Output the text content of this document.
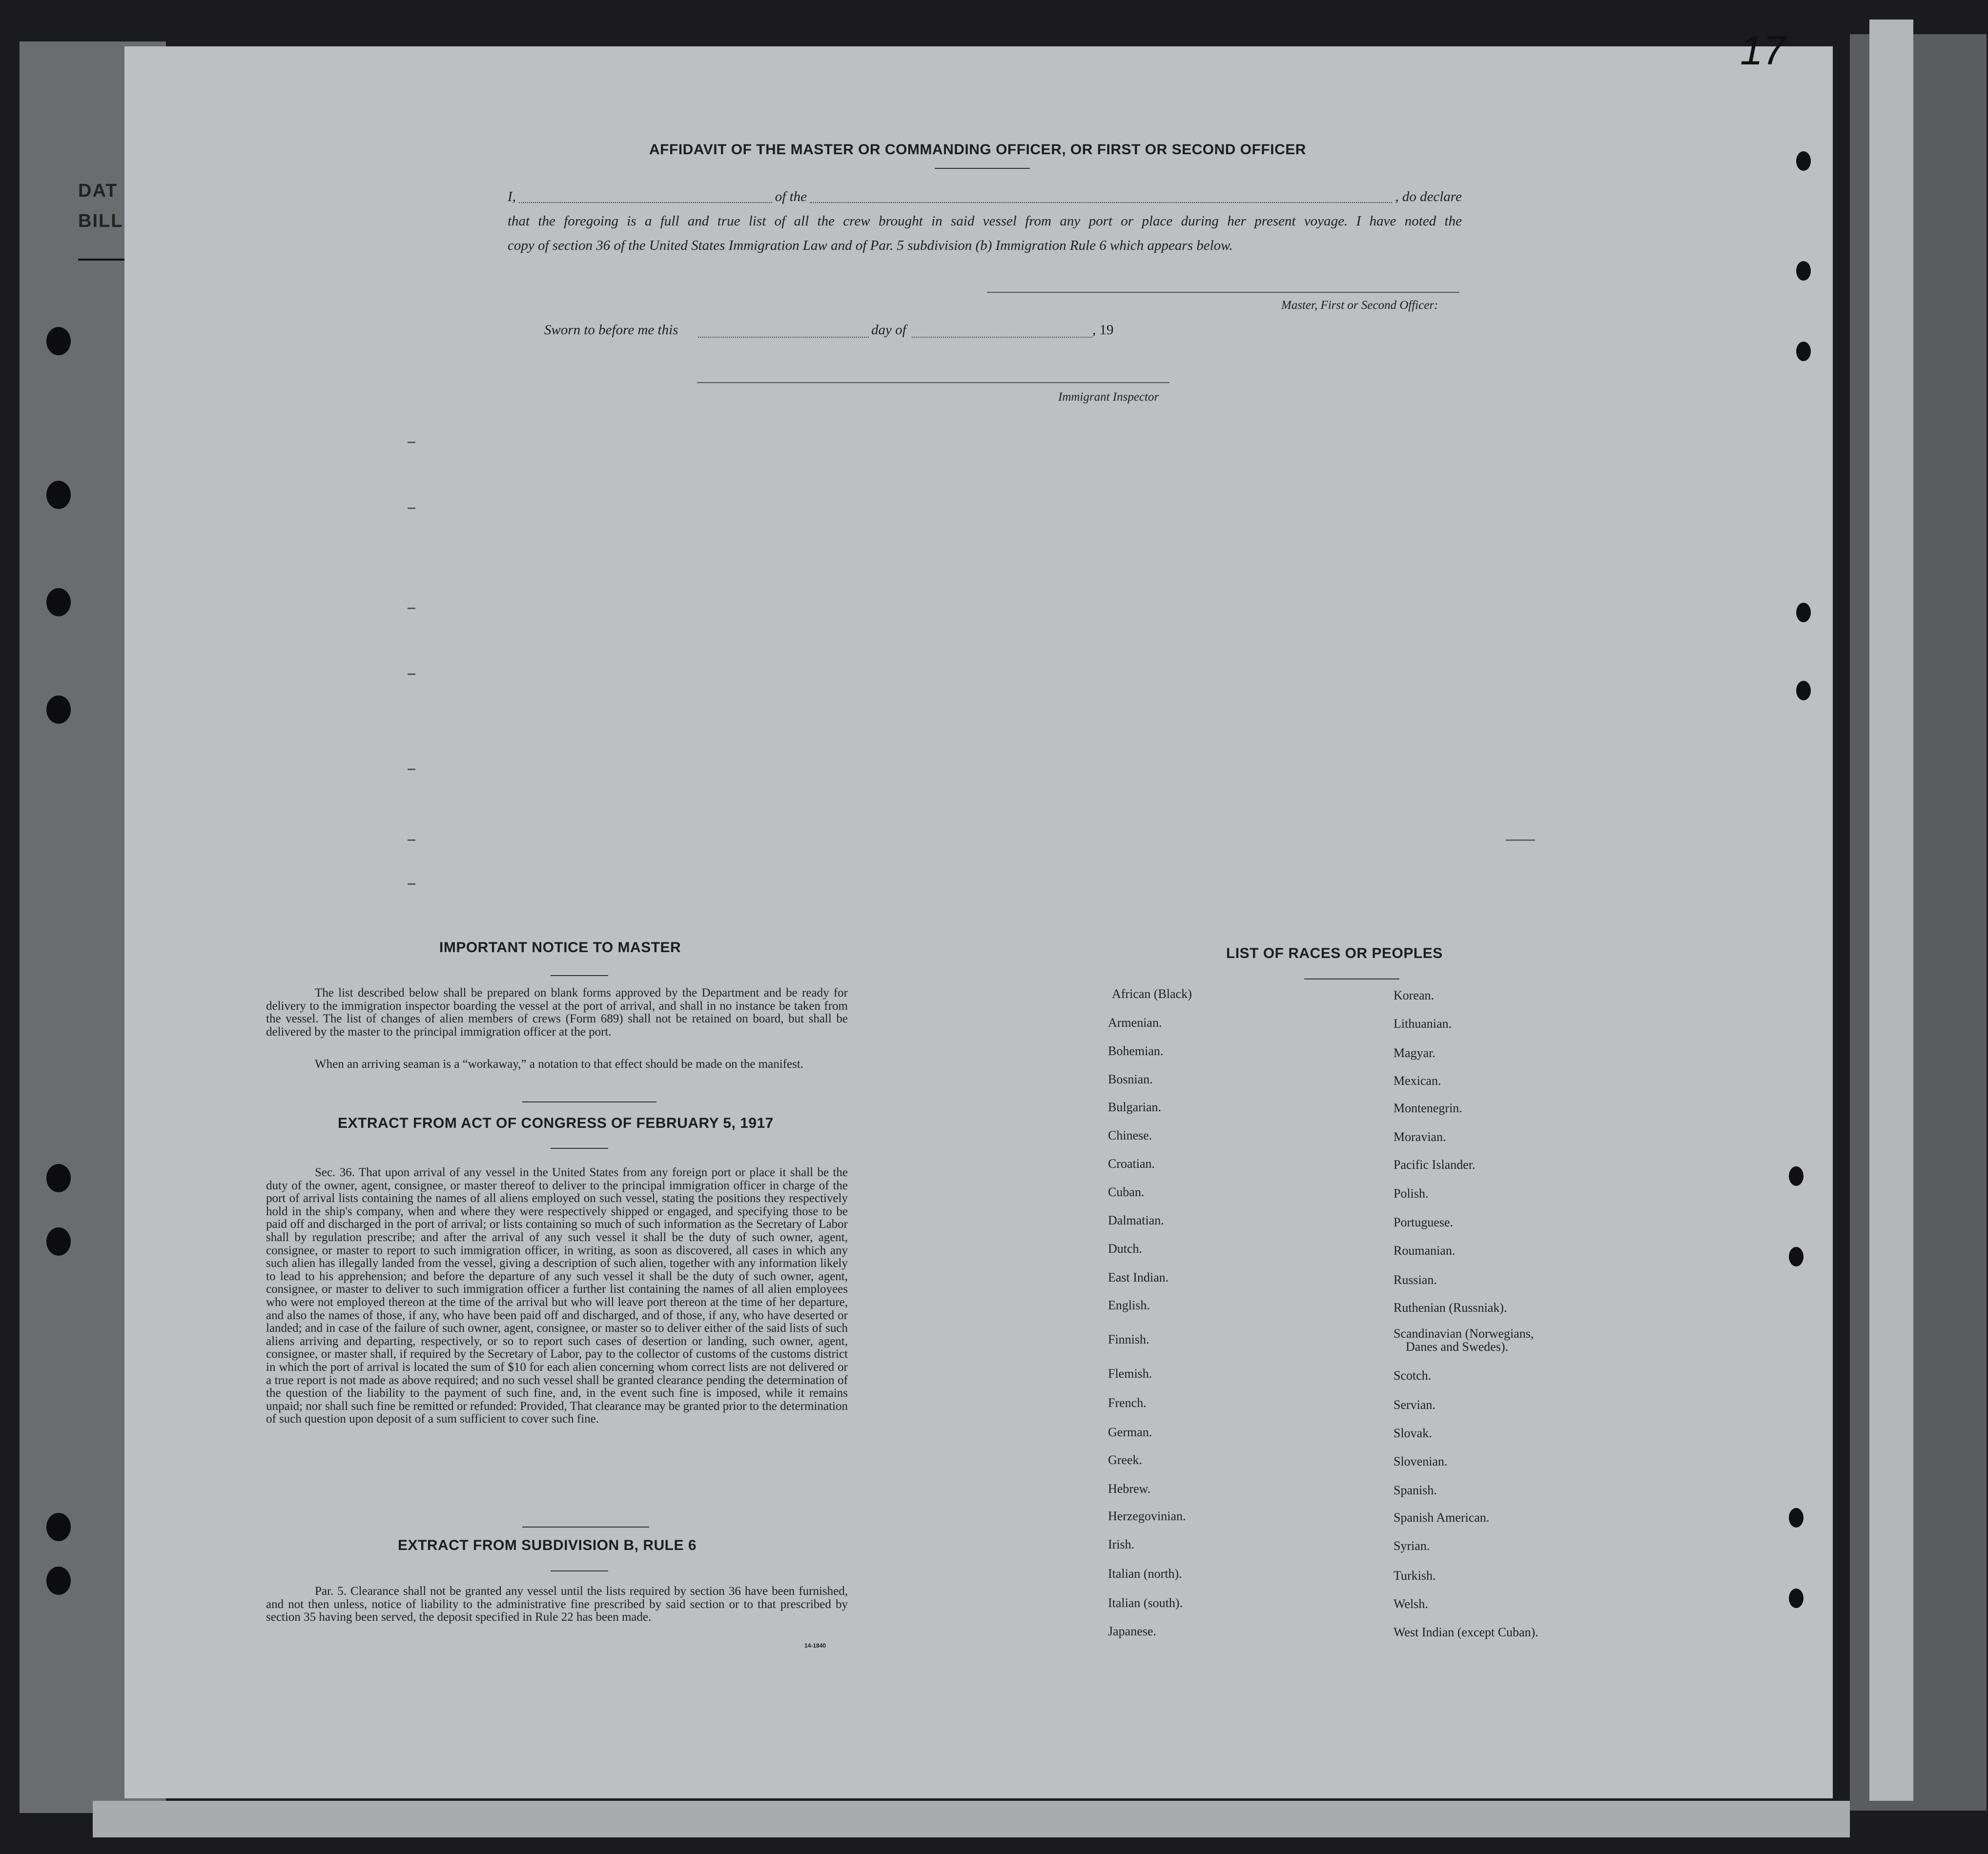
DAT
BILL
17
AFFIDAVIT OF THE MASTER OR COMMANDING OFFICER, OR FIRST OR SECOND OFFICER
I,	of the	, do declare
that the foregoing is a full and true list of all the crew brought in said vessel from any port or place during her present voyage. I have noted the
copy of section 36 of the United States Immigration Law and of Par. 5 subdivision (b) Immigration Rule 6 which appears below.
Master, First or Second Officer:
Sworn to before me this	day of	, 19
Immigrant Inspector
IMPORTANT NOTICE TO MASTER
The list described below shall be prepared on blank forms approved by the Department and be ready for delivery to the immigration inspector boarding the vessel at the port of arrival, and shall in no instance be taken from the vessel. The list of changes of alien members of crews (Form 689) shall not be retained on board, but shall be delivered by the master to the principal immigration officer at the port.
When an arriving seaman is a “workaway,” a notation to that effect should be made on the manifest.
EXTRACT FROM ACT OF CONGRESS OF FEBRUARY 5, 1917
Sec. 36. That upon arrival of any vessel in the United States from any foreign port or place it shall be the duty of the owner, agent, consignee, or master thereof to deliver to the principal immigration officer in charge of the port of arrival lists containing the names of all aliens employed on such vessel, stating the positions they respectively hold in the ship's company, when and where they were respectively shipped or engaged, and specifying those to be paid off and discharged in the port of arrival; or lists containing so much of such information as the Secretary of Labor shall by regulation prescribe; and after the arrival of any such vessel it shall be the duty of such owner, agent, consignee, or master to report to such immigration officer, in writing, as soon as discovered, all cases in which any such alien has illegally landed from the vessel, giving a description of such alien, together with any information likely to lead to his apprehension; and before the departure of any such vessel it shall be the duty of such owner, agent, consignee, or master to deliver to such immigration officer a further list containing the names of all alien employees who were not employed thereon at the time of the arrival but who will leave port thereon at the time of her departure, and also the names of those, if any, who have been paid off and discharged, and of those, if any, who have deserted or landed; and in case of the failure of such owner, agent, consignee, or master so to deliver either of the said lists of such aliens arriving and departing, respectively, or so to report such cases of desertion or landing, such owner, agent, consignee, or master shall, if required by the Secretary of Labor, pay to the collector of customs of the customs district in which the port of arrival is located the sum of $10 for each alien concerning whom correct lists are not delivered or a true report is not made as above required; and no such vessel shall be granted clearance pending the determination of the question of the liability to the payment of such fine, and, in the event such fine is imposed, while it remains unpaid; nor shall such fine be remitted or refunded: Provided, That clearance may be granted prior to the determination of such question upon deposit of a sum sufficient to cover such fine.
EXTRACT FROM SUBDIVISION B, RULE 6
Par. 5. Clearance shall not be granted any vessel until the lists required by section 36 have been furnished, and not then unless, notice of liability to the administrative fine prescribed by said section or to that prescribed by section 35 having been served, the deposit specified in Rule 22 has been made.
14-1840
LIST OF RACES OR PEOPLES
African (Black)
Armenian.
Bohemian.
Bosnian.
Bulgarian.
Chinese.
Croatian.
Cuban.
Dalmatian.
Dutch.
East Indian.
English.
Finnish.
Flemish.
French.
German.
Greek.
Hebrew.
Herzegovinian.
Irish.
Italian (north).
Italian (south).
Japanese.
Korean.
Lithuanian.
Magyar.
Mexican.
Montenegrin.
Moravian.
Pacific Islander.
Polish.
Portuguese.
Roumanian.
Russian.
Ruthenian (Russniak).
Scandinavian (Norwegians,
Danes and Swedes).
Scotch.
Servian.
Slovak.
Slovenian.
Spanish.
Spanish American.
Syrian.
Turkish.
Welsh.
West Indian (except Cuban).
